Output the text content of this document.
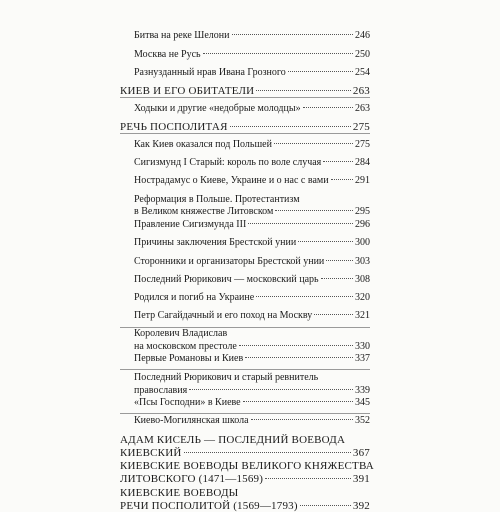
Битва на реке Шелони	246
Москва не Русь	250
Разнузданный нрав Ивана Грозного	254
КИЕВ И ЕГО ОБИТАТЕЛИ	263
Ходыки и другие «недобрые молодцы»	263
РЕЧЬ ПОСПОЛИТАЯ	275
Как Киев оказался под Польшей	275
Сигизмунд I Старый: король по воле случая	284
Нострадамус о Киеве, Украине и о нас с вами	291
Реформация в Польше. Протестантизм
в Великом княжестве Литовском	295
Правление Сигизмунда III	296
Причины заключения Брестской унии	300
Сторонники и организаторы Брестской унии	303
Последний Рюрикович — московский царь	308
Родился и погиб на Украине	320
Петр Сагайдачный и его поход на Москву	321
Королевич Владислав
на московском престоле	330
Первые Романовы и Киев	337
Последний Рюрикович и старый ревнитель
православия	339
«Псы Господни» в Киеве	345
Киево-Могилянская школа	352
АДАМ КИСЕЛЬ — ПОСЛЕДНИЙ ВОЕВОДА
КИЕВСКИЙ	367
КИЕВСКИЕ ВОЕВОДЫ ВЕЛИКОГО КНЯЖЕСТВА
ЛИТОВСКОГО (1471—1569)	391
КИЕВСКИЕ ВОЕВОДЫ
РЕЧИ ПОСПОЛИТОЙ (1569—1793)	392
